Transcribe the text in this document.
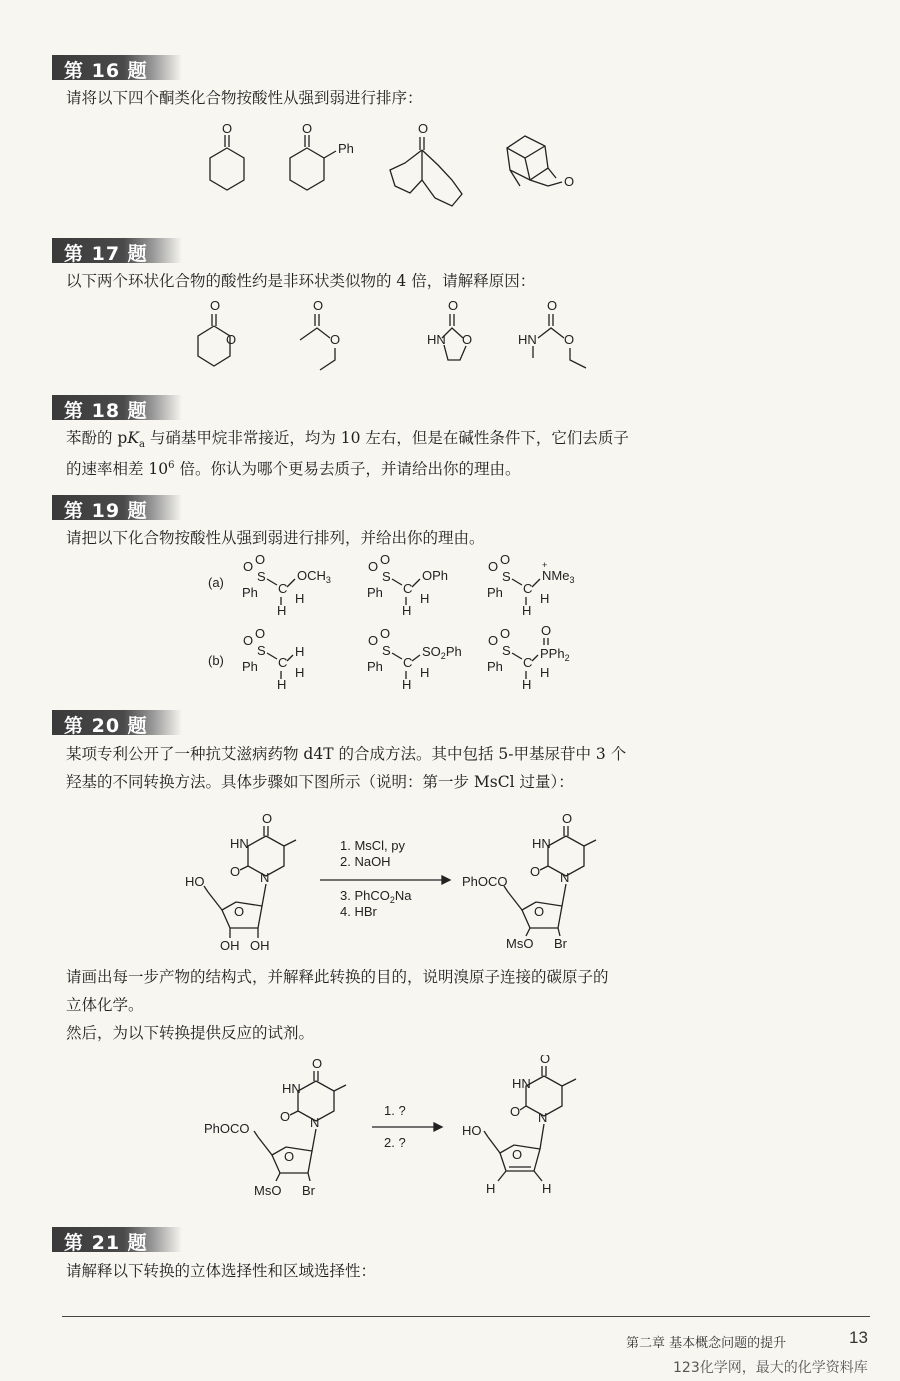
第 16 题
请将以下四个酮类化合物按酸性从强到弱进行排序：
O	O
Ph
O
O
第 17 题
以下两个环状化合物的酸性约是非环状类似物的 4 倍，请解释原因：
O
O
O
O
O
HN O
O
HN O
第 18 题
苯酚的 $pK_a$ 与硝基甲烷非常接近，均为 10 左右，但是在碱性条件下，它们去质子
的速率相差 $10^6$ 倍。你认为哪个更易去质子，并请给出你的理由。
第 19 题
请把以下化合物按酸性从强到弱进行排列，并给出你的理由。
(a)
(b)
O O
S
Ph C
$OCH_3$
H
H
O O
S
Ph C
OPh
H
H
O O
S
Ph C
+
NMe$_3$
H
H
O O
S
Ph C
H
H
H
O O
S
Ph C
$SO_2Ph$
H
H
O O
S
Ph C
O
PPh$_2$
H
H
第 20 题
某项专利公开了一种抗艾滋病药物 d4T 的合成方法。其中包括 5-甲基尿苷中 3 个
羟基的不同转换方法。具体步骤如下图所示（说明：第一步 MsCl 过量）：
O
HN
O N
O
HO
OH OH
1. MsCl, py
2. NaOH
3. PhCO$_2$Na
4. HBr
O
HN
O N
O
PhOCO
MsO Br
请画出每一步产物的结构式，并解释此转换的目的，说明溴原子连接的碳原子的
立体化学。
然后，为以下转换提供反应的试剂。
O
HN
O N
O
PhOCO
MsO Br
1. ?
2. ?
O
HN
O N
O
HO
H	H
第 21 题
请解释以下转换的立体选择性和区域选择性：
第二章 基本概念问题的提升	13
123化学网，最大的化学资料库
